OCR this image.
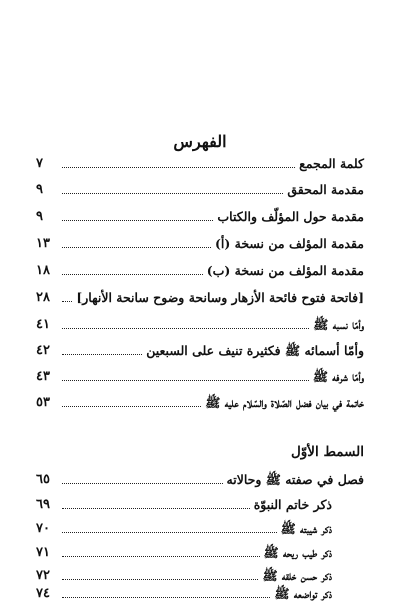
الفهرس
٧	كلمة المجمع
٩	مقدمة المحقق
٩	مقدمة حول المؤلّف والكتاب
١٣	مقدمة المؤلف من نسخة (أ)
١٨	مقدمة المؤلف من نسخة (ب)
٢٨	[فاتحة فتوح فائحة الأزهار وسانحة وضوح سانحة الأنهار]
٤١	وأمّا نسبه ﷺ
٤٢	وأمّا أسمائه ﷺ فكثيرة تنيف على السبعين
٤٣	وأمّا شرفه ﷺ
٥٣	خاتمة في بيان فضل الصّلاة والسّلام عليه ﷺ
السمط الأوّل
٦٥	فصل في صفته ﷺ وحالاته
٦٩	ذكر خاتم النبوّة
٧٠	ذكر شيبته ﷺ
٧١	ذكر طيب ريحه ﷺ
٧٢	ذكر حسن خلقه ﷺ
٧٤	ذكر تواضعه ﷺ
